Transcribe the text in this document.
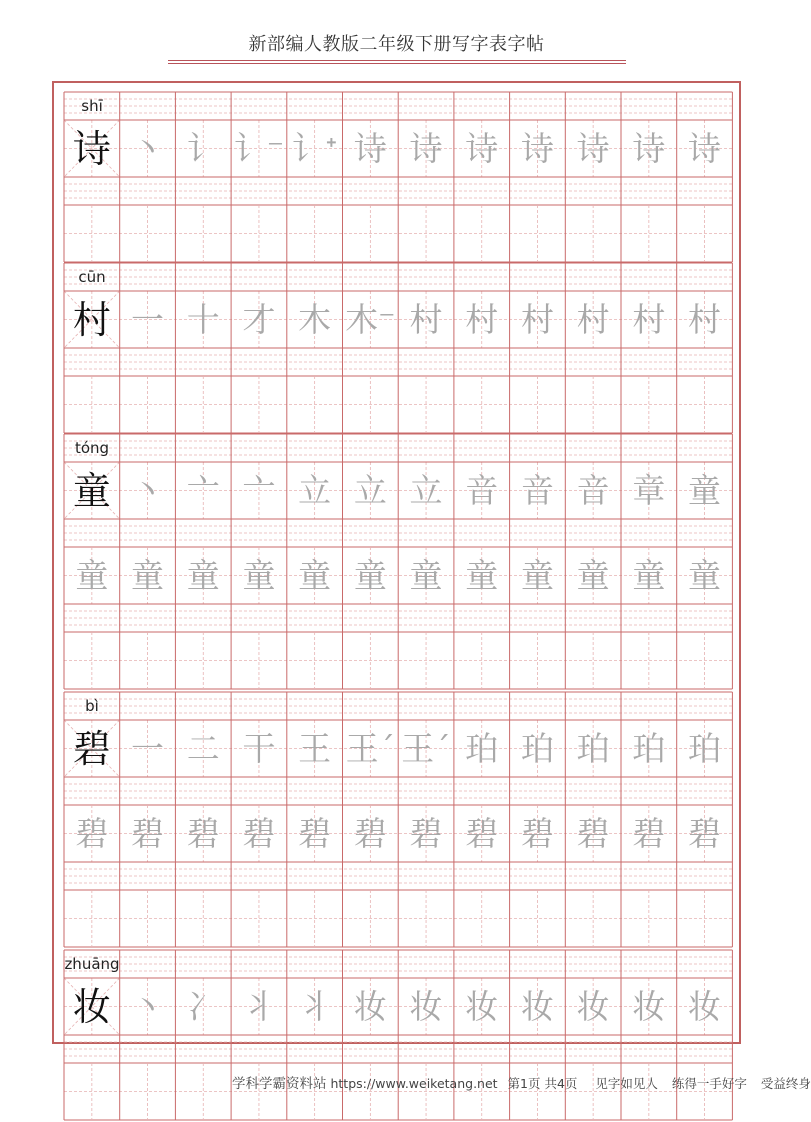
新部编人教版二年级下册写字表字帖
学科学霸资料站 https://www.weiketang.net 第1页 共4页 见字如见人 练得一手好字 受益终身
shī
诗 丶 讠 讠⁻ 讠ᐩ 诗 诗 诗 诗 诗 诗 诗
cūn
村 一 十 才 木 木⁻ 村 村 村 村 村 村
tóng
童 丶 亠 亠 立 立 立 音 音 音 章 童
童 童 童 童 童 童 童 童 童 童 童 童
bì
碧 一 二 干 王 王ˊ 王ˊ 珀 珀 珀 珀 珀
碧 碧 碧 碧 碧 碧 碧 碧 碧 碧 碧 碧
zhuāng
妆 丶 冫 丬 丬 妆 妆 妆 妆 妆 妆 妆
